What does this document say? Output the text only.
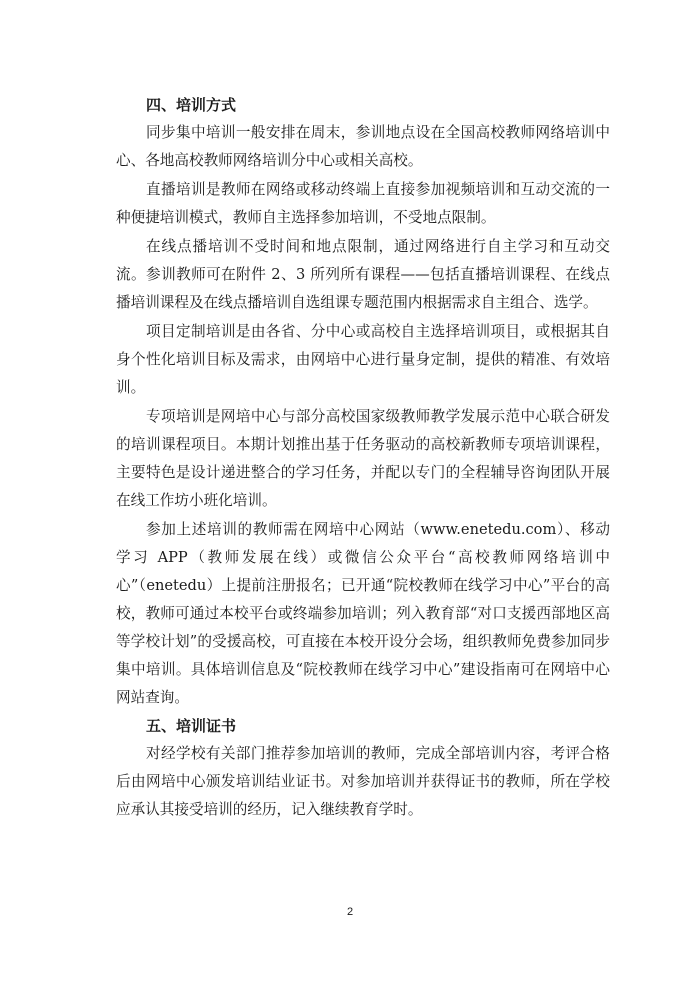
四、培训方式

同步集中培训一般安排在周末，参训地点设在全国高校教师网络培训中心、各地高校教师网络培训分中心或相关高校。

直播培训是教师在网络或移动终端上直接参加视频培训和互动交流的一种便捷培训模式，教师自主选择参加培训，不受地点限制。

在线点播培训不受时间和地点限制，通过网络进行自主学习和互动交流。参训教师可在附件 2、3 所列所有课程——包括直播培训课程、在线点播培训课程及在线点播培训自选组课专题范围内根据需求自主组合、选学。

项目定制培训是由各省、分中心或高校自主选择培训项目，或根据其自身个性化培训目标及需求，由网培中心进行量身定制，提供的精准、有效培训。

专项培训是网培中心与部分高校国家级教师教学发展示范中心联合研发的培训课程项目。本期计划推出基于任务驱动的高校新教师专项培训课程，主要特色是设计递进整合的学习任务，并配以专门的全程辅导咨询团队开展在线工作坊小班化培训。

参加上述培训的教师需在网培中心网站（www.enetedu.com）、移动学习 APP（教师发展在线）或微信公众平台“高校教师网络培训中心”（enetedu）上提前注册报名；已开通“院校教师在线学习中心”平台的高校，教师可通过本校平台或终端参加培训；列入教育部“对口支援西部地区高等学校计划”的受援高校，可直接在本校开设分会场，组织教师免费参加同步集中培训。具体培训信息及“院校教师在线学习中心”建设指南可在网培中心网站查询。

五、培训证书

对经学校有关部门推荐参加培训的教师，完成全部培训内容，考评合格后由网培中心颁发培训结业证书。对参加培训并获得证书的教师，所在学校应承认其接受培训的经历，记入继续教育学时。

2
